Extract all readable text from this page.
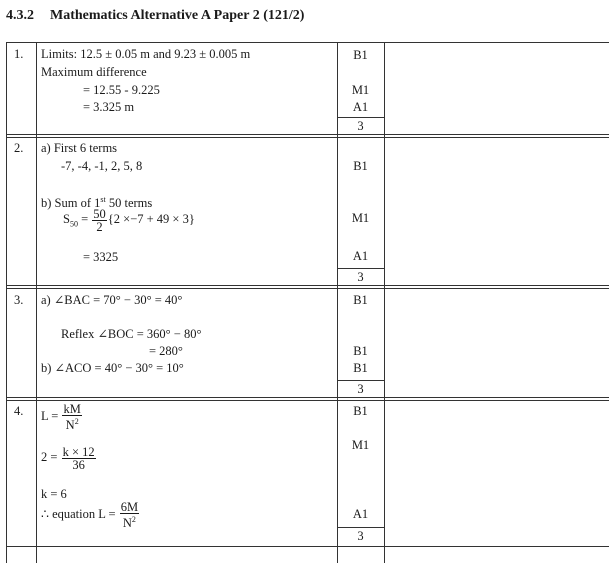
4.3.2 Mathematics Alternative A Paper 2 (121/2)
1. Limits: 12.5 ± 0.05 m and 9.23 ± 0.005 m
Maximum difference
= 12.55 - 9.225
= 3.325 m
B1
M1
A1
3
2. a) First 6 terms
-7, -4, -1, 2, 5, 8
b) Sum of 1st 50 terms
$S_{50} = \frac{50}{2} \{2 \times-7 + 49 \times 3\}$
= 3325
B1
M1
A1
3
3. a) ∠BAC = 70° − 30° = 40°
Reflex ∠BOC = 360° − 80°
= 280°
b) ∠ACO = 40° − 30° = 10°
B1
B1
B1
3
4. $L = \frac{kM}{N^2}$
$2 = \frac{k \times 12}{36}$
k = 6
∴ equation $L = \frac{6M}{N^2}$
B1
M1
A1
3
